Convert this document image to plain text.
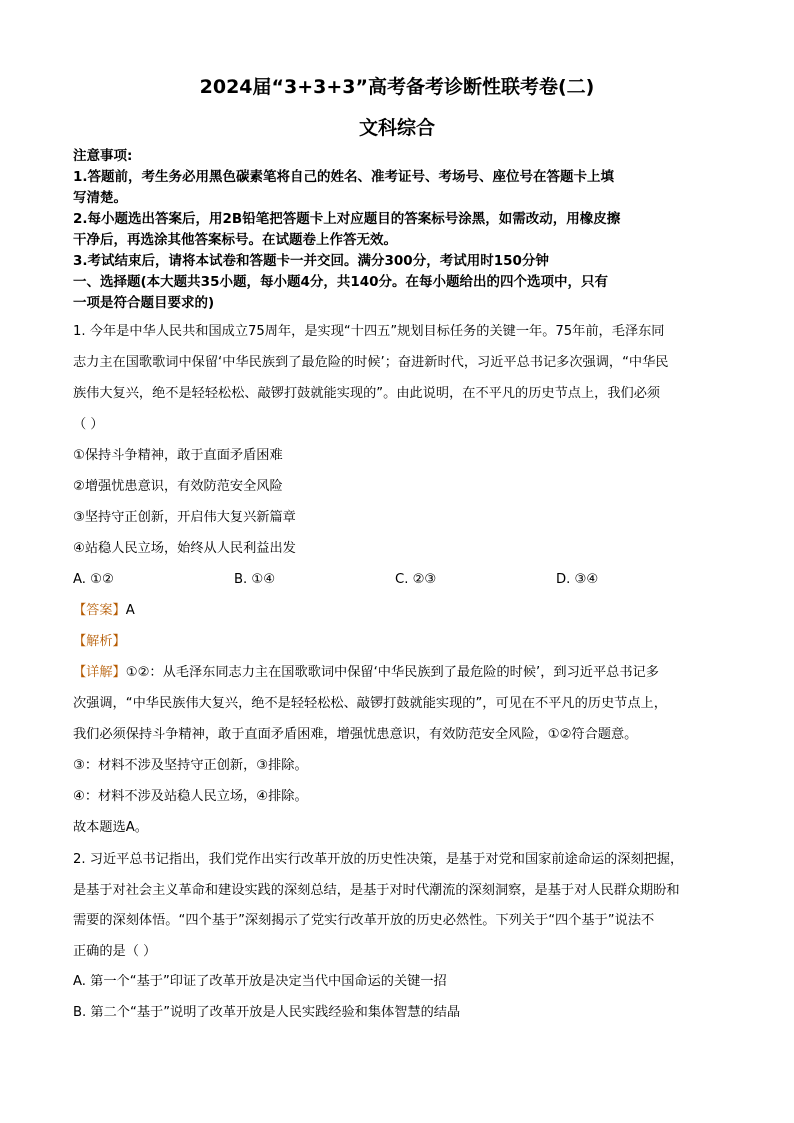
2024届“3+3+3”高考备考诊断性联考卷(二)
文科综合

注意事项:

1.答题前，考生务必用黑色碳素笔将自己的姓名、准考证号、考场号、座位号在答题卡上填

写清楚。

2.每小题选出答案后，用2B铅笔把答题卡上对应题目的答案标号涂黑，如需改动，用橡皮擦

干净后，再选涂其他答案标号。在试题卷上作答无效。

3.考试结束后，请将本试卷和答题卡一并交回。满分300分，考试用时150分钟

一、选择题(本大题共35小题，每小题4分，共140分。在每小题给出的四个选项中，只有

一项是符合题目要求的)

1. 今年是中华人民共和国成立75周年，是实现“十四五”规划目标任务的关键一年。75年前，毛泽东同

志力主在国歌歌词中保留‘中华民族到了最危险的时候’；奋进新时代，习近平总书记多次强调，“中华民

族伟大复兴，绝不是轻轻松松、敲锣打鼓就能实现的”。由此说明，在不平凡的历史节点上，我们必须

（ ）

①保持斗争精神，敢于直面矛盾困难

②增强忧患意识，有效防范安全风险

③坚持守正创新，开启伟大复兴新篇章

④站稳人民立场，始终从人民利益出发

A. ①②	B. ①④	C. ②③	D. ③④

【答案】A

【解析】

【详解】①②：从毛泽东同志力主在国歌歌词中保留‘中华民族到了最危险的时候’，到习近平总书记多

次强调，“中华民族伟大复兴，绝不是轻轻松松、敲锣打鼓就能实现的”，可见在不平凡的历史节点上，

我们必须保持斗争精神，敢于直面矛盾困难，增强忧患意识，有效防范安全风险，①②符合题意。

③：材料不涉及坚持守正创新，③排除。

④：材料不涉及站稳人民立场，④排除。

故本题选A。

2. 习近平总书记指出，我们党作出实行改革开放的历史性决策，是基于对党和国家前途命运的深刻把握，

是基于对社会主义革命和建设实践的深刻总结，是基于对时代潮流的深刻洞察，是基于对人民群众期盼和

需要的深刻体悟。“四个基于”深刻揭示了党实行改革开放的历史必然性。下列关于“四个基于”说法不

正确的是（ ）

A. 第一个“基于”印证了改革开放是决定当代中国命运的关键一招

B. 第二个“基于”说明了改革开放是人民实践经验和集体智慧的结晶
